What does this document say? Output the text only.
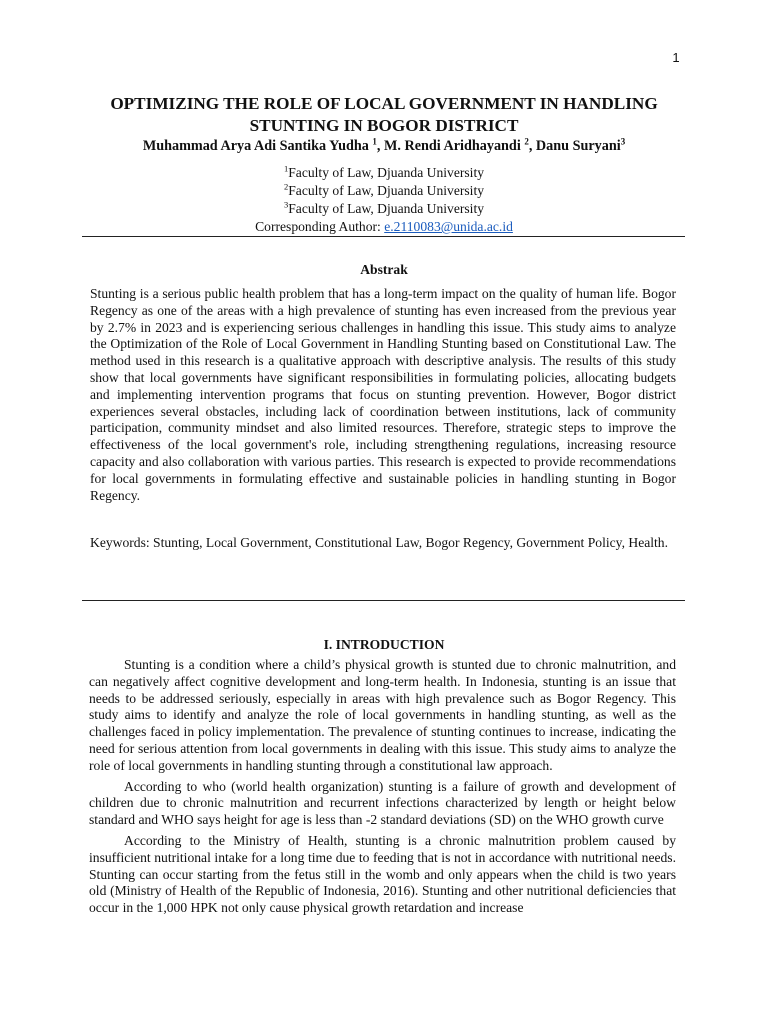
1
OPTIMIZING THE ROLE OF LOCAL GOVERNMENT IN HANDLING STUNTING IN BOGOR DISTRICT
Muhammad Arya Adi Santika Yudha $^1$, M. Rendi Aridhayandi $^2$, Danu Suryani$^3$
$^1$Faculty of Law, Djuanda University
$^2$Faculty of Law, Djuanda University
$^3$Faculty of Law, Djuanda University
Corresponding Author: e.2110083@unida.ac.id
Abstrak

Stunting is a serious public health problem that has a long-term impact on the quality of human life. Bogor Regency as one of the areas with a high prevalence of stunting has even increased from the previous year by 2.7% in 2023 and is experiencing serious challenges in handling this issue. This study aims to analyze the Optimization of the Role of Local Government in Handling Stunting based on Constitutional Law. The method used in this research is a qualitative approach with descriptive analysis. The results of this study show that local governments have significant responsibilities in formulating policies, allocating budgets and implementing intervention programs that focus on stunting prevention. However, Bogor district experiences several obstacles, including lack of coordination between institutions, lack of community participation, community mindset and also limited resources. Therefore, strategic steps to improve the effectiveness of the local government's role, including strengthening regulations, increasing resource capacity and also collaboration with various parties. This research is expected to provide recommendations for local governments in formulating effective and sustainable policies in handling stunting in Bogor Regency.

Keywords: Stunting, Local Government, Constitutional Law, Bogor Regency, Government Policy, Health.

I. INTRODUCTION

Stunting is a condition where a child’s physical growth is stunted due to chronic malnutrition, and can negatively affect cognitive development and long-term health. In Indonesia, stunting is an issue that needs to be addressed seriously, especially in areas with high prevalence such as Bogor Regency. This study aims to identify and analyze the role of local governments in handling stunting, as well as the challenges faced in policy implementation. The prevalence of stunting continues to increase, indicating the need for serious attention from local governments in dealing with this issue. This study aims to analyze the role of local governments in handling stunting through a constitutional law approach.

According to who (world health organization) stunting is a failure of growth and development of children due to chronic malnutrition and recurrent infections characterized by length or height below standard and WHO says height for age is less than -2 standard deviations (SD) on the WHO growth curve

According to the Ministry of Health, stunting is a chronic malnutrition problem caused by insufficient nutritional intake for a long time due to feeding that is not in accordance with nutritional needs. Stunting can occur starting from the fetus still in the womb and only appears when the child is two years old (Ministry of Health of the Republic of Indonesia, 2016). Stunting and other nutritional deficiencies that occur in the 1,000 HPK not only cause physical growth retardation and increase
